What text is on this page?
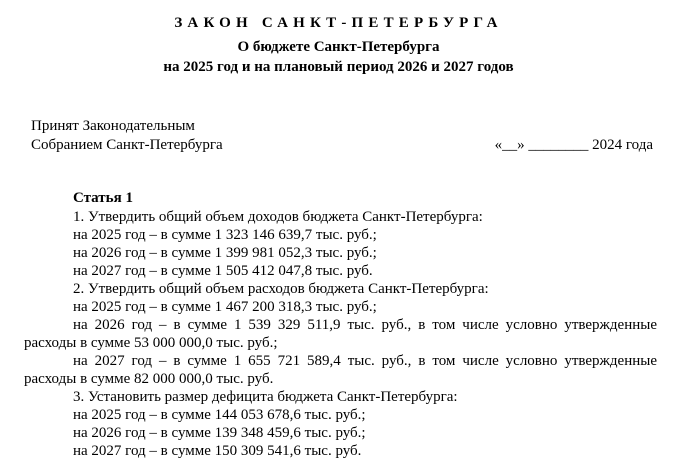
ЗАКОН САНКТ-ПЕТЕРБУРГА
О бюджете Санкт-Петербурга
на 2025 год и на плановый период 2026 и 2027 годов
Принят Законодательным
Собранием Санкт-Петербурга	«__» ________ 2024 года
Статья 1
1. Утвердить общий объем доходов бюджета Санкт-Петербурга:
на 2025 год – в сумме 1 323 146 639,7 тыс. руб.;
на 2026 год – в сумме 1 399 981 052,3 тыс. руб.;
на 2027 год – в сумме 1 505 412 047,8 тыс. руб.
2. Утвердить общий объем расходов бюджета Санкт-Петербурга:
на 2025 год – в сумме 1 467 200 318,3 тыс. руб.;
на 2026 год – в сумме 1 539 329 511,9 тыс. руб., в том числе условно утвержденные
расходы в сумме 53 000 000,0 тыс. руб.;
на 2027 год – в сумме 1 655 721 589,4 тыс. руб., в том числе условно утвержденные
расходы в сумме 82 000 000,0 тыс. руб.
3. Установить размер дефицита бюджета Санкт-Петербурга:
на 2025 год – в сумме 144 053 678,6 тыс. руб.;
на 2026 год – в сумме 139 348 459,6 тыс. руб.;
на 2027 год – в сумме 150 309 541,6 тыс. руб.
